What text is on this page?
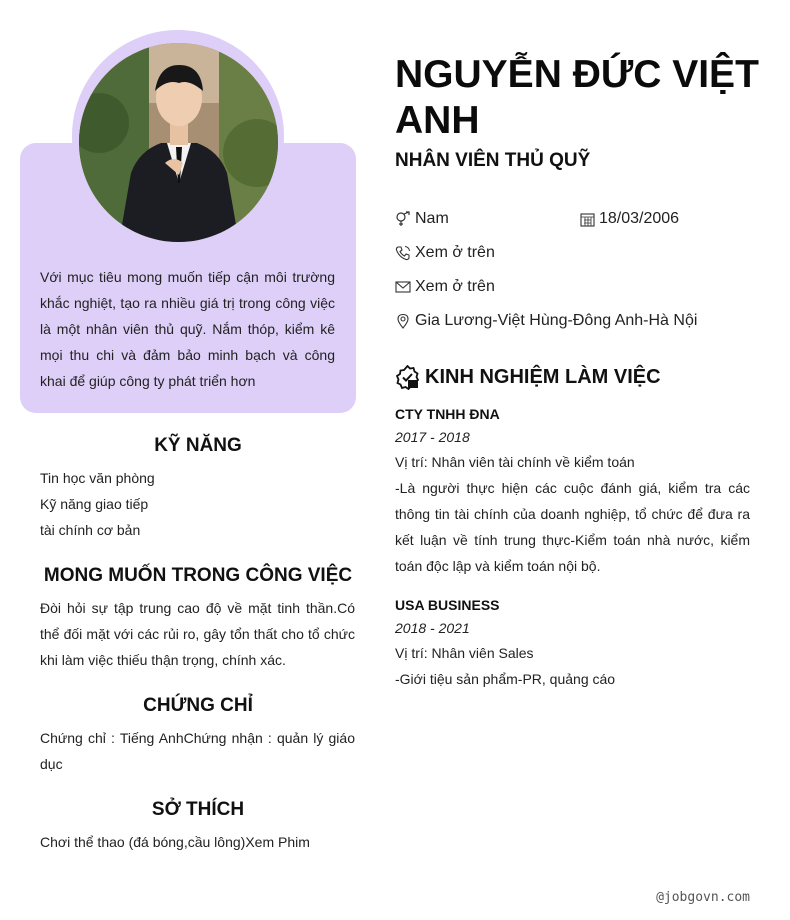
Với mục tiêu mong muốn tiếp cận môi trường khắc nghiệt, tạo ra nhiều giá trị trong công việc là một nhân viên thủ quỹ. Nắm thóp, kiểm kê mọi thu chi và đảm bảo minh bạch và công khai để giúp công ty phát triển hơn
KỸ NĂNG
Tin học văn phòng
Kỹ năng giao tiếp
tài chính cơ bản
MONG MUỐN TRONG CÔNG VIỆC
Đòi hỏi sự tập trung cao độ về mặt tinh thần.Có thể đối mặt với các rủi ro, gây tổn thất cho tổ chức khi làm việc thiếu thận trọng, chính xác.
CHỨNG CHỈ
Chứng chỉ : Tiếng AnhChứng nhận : quản lý giáo dục
SỞ THÍCH
Chơi thể thao (đá bóng,cầu lông)Xem Phim
NGUYỄN ĐỨC VIỆT ANH
NHÂN VIÊN THỦ QUỸ
Nam	18/03/2006
Xem ở trên
Xem ở trên
Gia Lương-Việt Hùng-Đông Anh-Hà Nội
KINH NGHIỆM LÀM VIỆC
CTY TNHH ĐNA
2017 - 2018
Vị trí: Nhân viên tài chính về kiểm toán
-Là người thực hiện các cuộc đánh giá, kiểm tra các thông tin tài chính của doanh nghiệp, tổ chức để đưa ra kết luận về tính trung thực-Kiểm toán nhà nước, kiểm toán độc lập và kiểm toán nội bộ.
USA BUSINESS
2018 - 2021
Vị trí: Nhân viên Sales
-Giới tiệu sản phẩm-PR, quảng cáo
@jobgovn.com
